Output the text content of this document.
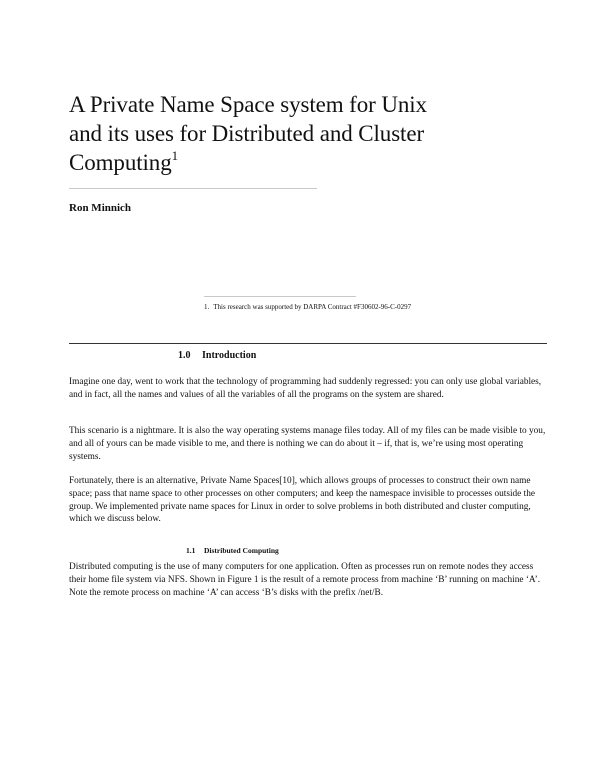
A Private Name Space system for Unix
and its uses for Distributed and Cluster
Computing$^1$

Ron Minnich

1. This research was supported by DARPA Contract #F30602-96-C-0297
1.0 Introduction

Imagine one day, went to work that the technology of programming had suddenly regressed: you can only use global variables, and in fact, all the names and values of all the variables of all the programs on the system are shared.

This scenario is a nightmare. It is also the way operating systems manage files today. All of my files can be made visible to you, and all of yours can be made visible to me, and there is nothing we can do about it – if, that is, we’re using most operating systems.

Fortunately, there is an alternative, Private Name Spaces[10], which allows groups of processes to construct their own name space; pass that name space to other processes on other computers; and keep the namespace invisible to processes outside the group. We implemented private name spaces for Linux in order to solve problems in both distributed and cluster computing, which we discuss below.

1.1 Distributed Computing

Distributed computing is the use of many computers for one application. Often as processes run on remote nodes they access their home file system via NFS. Shown in Figure 1 is the result of a remote process from machine ‘B’ running on machine ‘A’. Note the remote process on machine ‘A’ can access ‘B’s disks with the prefix /net/B.
